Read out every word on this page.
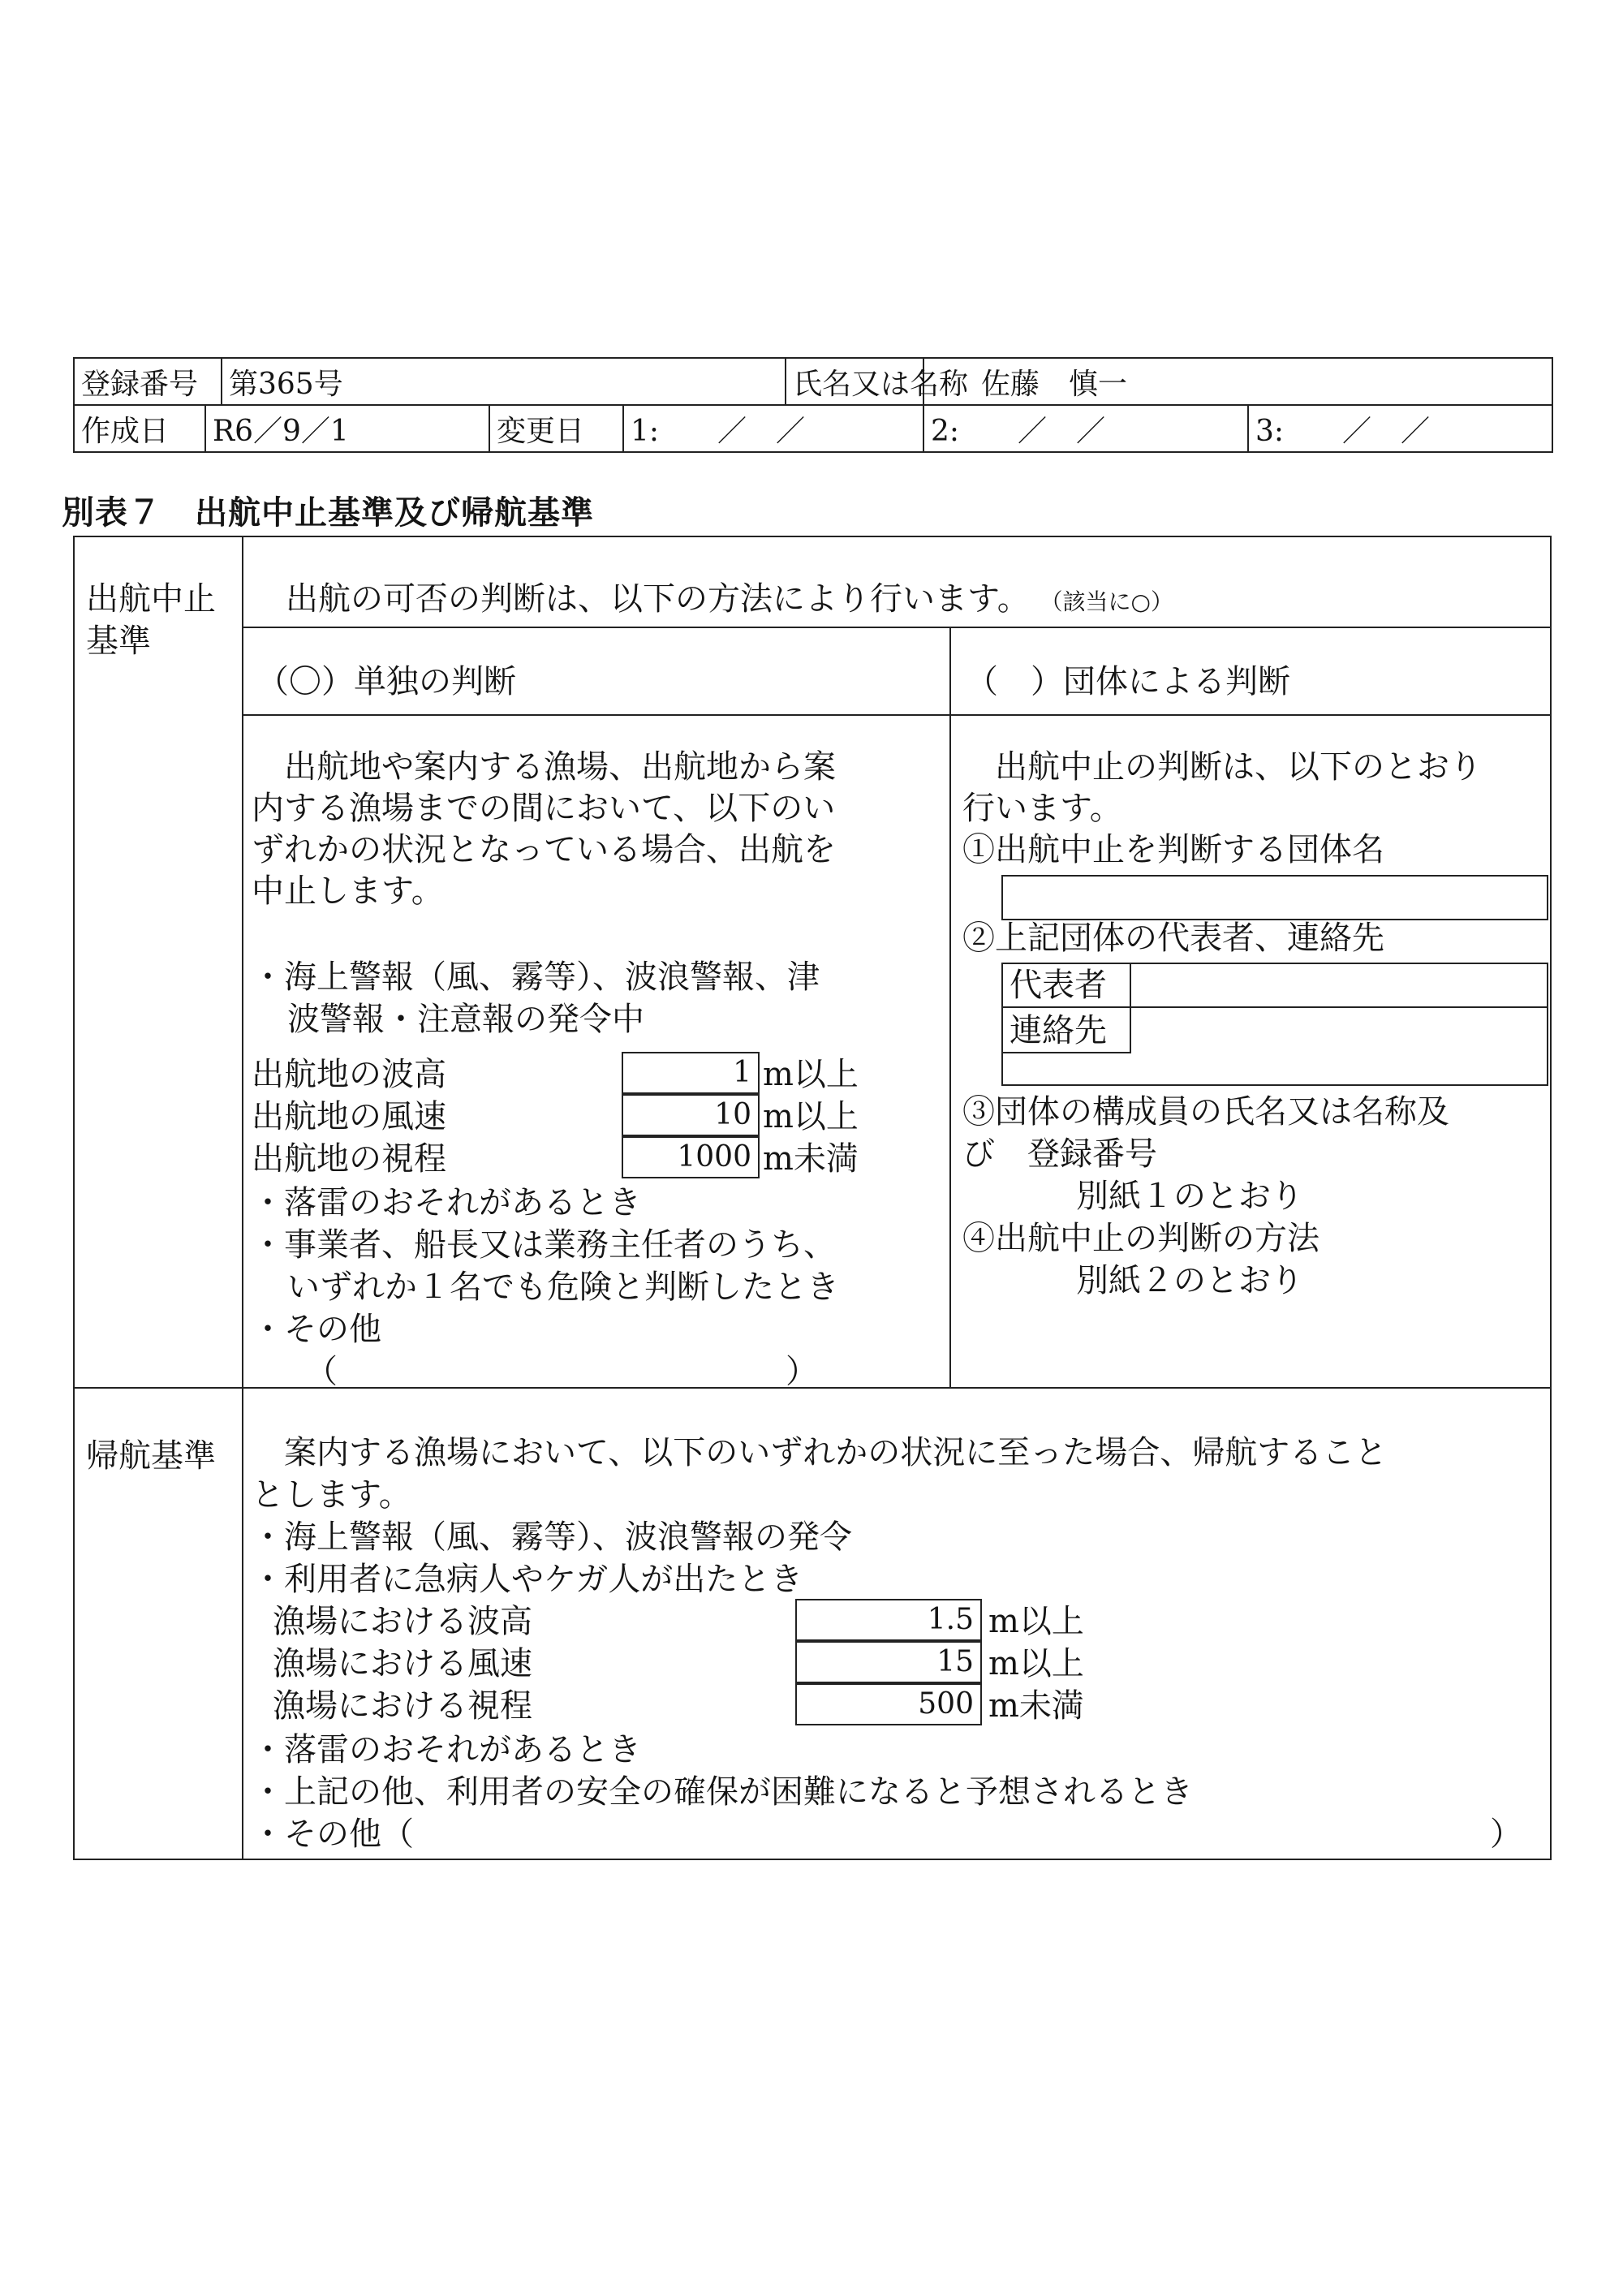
登録番号	第365号	氏名又は名称	佐藤　慎一
作成日	R6／9／1	変更日	1:　　／　／	2:　　／　／	3:　　／　／
別表７　出航中止基準及び帰航基準
出航中止
基準
出航の可否の判断は、以下の方法により行います。 （該当に○）
（〇）単独の判断	（　）団体による判断
出航地や案内する漁場、出航地から案
内する漁場までの間において、以下のい
ずれかの状況となっている場合、出航を
中止します。
・海上警報（風、霧等）、波浪警報、津
波警報・注意報の発令中
出航地の波高	1 m以上
出航地の風速	10 m以上
出航地の視程	1000 m未満
・落雷のおそれがあるとき
・事業者、船長又は業務主任者のうち、
いずれか１名でも危険と判断したとき
・その他
（	）
出航中止の判断は、以下のとおり
行います。
①出航中止を判断する団体名
②上記団体の代表者、連絡先
代表者
連絡先
③団体の構成員の氏名又は名称及
び　登録番号
別紙１のとおり
④出航中止の判断の方法
別紙２のとおり
帰航基準	案内する漁場において、以下のいずれかの状況に至った場合、帰航すること
とします。
・海上警報（風、霧等）、波浪警報の発令
・利用者に急病人やケガ人が出たとき
漁場における波高	1.5 m以上
漁場における風速	15 m以上
漁場における視程	500 m未満
・落雷のおそれがあるとき
・上記の他、利用者の安全の確保が困難になると予想されるとき
・その他（	）
